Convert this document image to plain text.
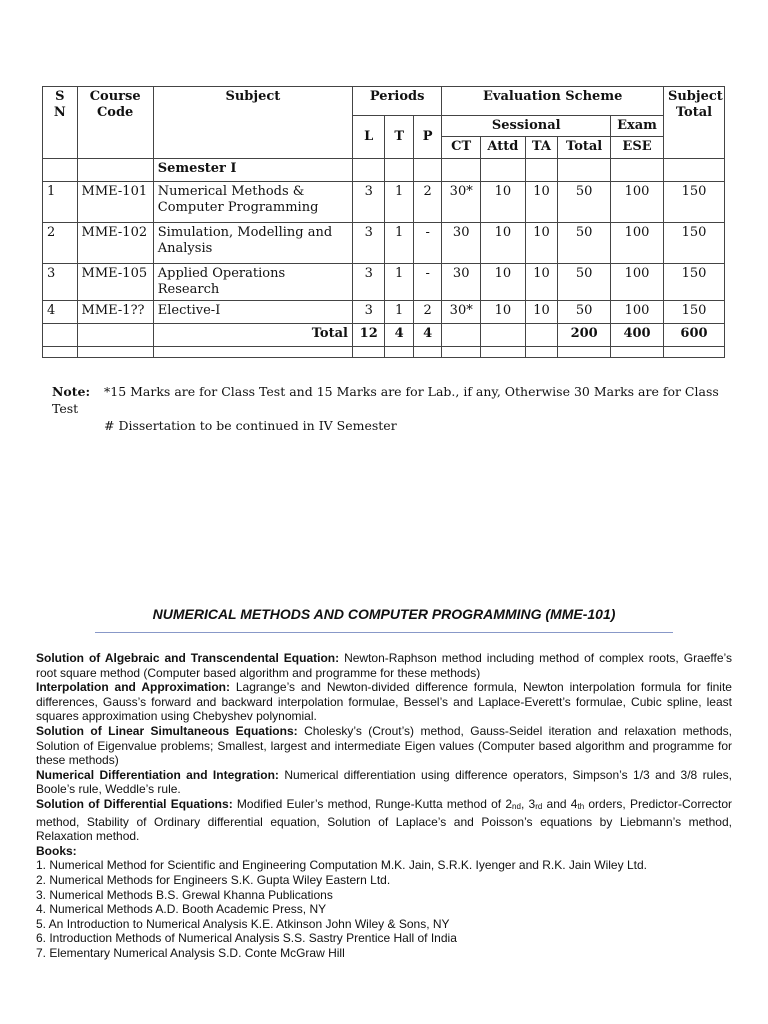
S N	Course Code	Subject	Periods			Evaluation Scheme					Subject Total
			L	T	P	Sessional				Exam	
						CT	Attd	TA	Total	ESE	
		Semester I									
1	MME-101	Numerical Methods & Computer Programming	3	1	2	30*	10	10	50	100	150
2	MME-102	Simulation, Modelling and Analysis	3	1	-	30	10	10	50	100	150
3	MME-105	Applied Operations Research	3	1	-	30	10	10	50	100	150
4	MME-1??	Elective-I	3	1	2	30*	10	10	50	100	150
		Total	12	4	4				200	400	600

Note: *15 Marks are for Class Test and 15 Marks are for Lab., if any, Otherwise 30 Marks are for Class Test
# Dissertation to be continued in IV Semester
NUMERICAL METHODS AND COMPUTER PROGRAMMING (MME-101)

Solution of Algebraic and Transcendental Equation: Newton-Raphson method including method of complex roots, Graeffe’s root square method (Computer based algorithm and programme for these methods)

Interpolation and Approximation: Lagrange’s and Newton-divided difference formula, Newton interpolation formula for finite differences, Gauss’s forward and backward interpolation formulae, Bessel’s and Laplace-Everett’s formulae, Cubic spline, least squares approximation using Chebyshev polynomial.

Solution of Linear Simultaneous Equations: Cholesky’s (Crout’s) method, Gauss-Seidel iteration and relaxation methods, Solution of Eigenvalue problems; Smallest, largest and intermediate Eigen values (Computer based algorithm and programme for these methods)

Numerical Differentiation and Integration: Numerical differentiation using difference operators, Simpson’s 1/3 and 3/8 rules, Boole’s rule, Weddle’s rule.

Solution of Differential Equations: Modified Euler’s method, Runge-Kutta method of $2_{nd}$, $3_{rd}$ and $4_{th}$ orders, Predictor-Corrector method, Stability of Ordinary differential equation, Solution of Laplace’s and Poisson’s equations by Liebmann’s method, Relaxation method.

Books:

1. Numerical Method for Scientific and Engineering Computation M.K. Jain, S.R.K. Iyenger and R.K. Jain Wiley Ltd.
2. Numerical Methods for Engineers S.K. Gupta Wiley Eastern Ltd.
3. Numerical Methods B.S. Grewal Khanna Publications
4. Numerical Methods A.D. Booth Academic Press, NY
5. An Introduction to Numerical Analysis K.E. Atkinson John Wiley & Sons, NY
6. Introduction Methods of Numerical Analysis S.S. Sastry Prentice Hall of India
7. Elementary Numerical Analysis S.D. Conte McGraw Hill
